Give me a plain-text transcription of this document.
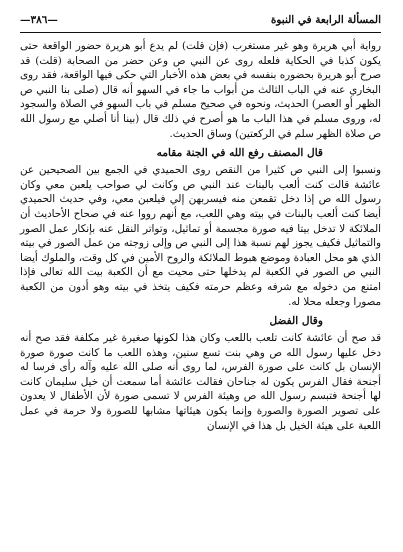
المسألة الرابعة في النبوة
—٣٨٦—

رواية أبي هريرة وهو غير مستغرب (فإن قلت) لم يدع أبو هريرة حضور الواقعة حتى يكون كذبا في الحكاية فلعله روى عن النبي ص وعن حضر من الصحابة (قلت) قد صرح أبو هريرة بحضوره بنفسه في بعض هذه الأخبار التي حكى فيها الواقعة، فقد روى البخاري عنه في الباب الثالث من أبواب ما جاء في السهو أنه قال (صلى بنا النبي ص الظهر أو العصر) الحديث، ونحوه في صحيح مسلم في باب السهو في الصلاة والسجود له، وروى مسلم في هذا الباب ما هو أصرح في ذلك قال (بينا أنا أصلي مع رسول الله ص صلاة الظهر سلم في الركعتين) وساق الحديث.

قال المصنف رفع الله في الجنة مقامه

ونسبوا إلى النبي ص كثيرا من النقص روى الحميدي في الجمع بين الصحيحين عن عائشة قالت كنت ألعب بالبنات عند النبي ص وكانت لي صواحب يلعبن معي وكان رسول الله ص إذا دخل تقمعن منه فيسربهن إلي فيلعبن معي، وفي حديث الحميدي أيضا كنت ألعب بالبنات في بيته وهي اللعب، مع أنهم رووا عنه في صحاح الأحاديث أن الملائكة لا تدخل بيتا فيه صورة مجسمة أو تماثيل، وتواتر النقل عنه بإنكار عمل الصور والتماثيل فكيف يجوز لهم نسبة هذا إلى النبي ص وإلى زوجته من عمل الصور في بيته الذي هو محل العبادة وموضع هبوط الملائكة والروح الأمين في كل وقت، والملوك أيضا النبي ص الصور في الكعبة لم يدخلها حتى محيت مع أن الكعبة بيت الله تعالى فإذا امتنع من دخوله مع شرفه وعظم حرمته فكيف يتخذ في بيته وهو أدون من الكعبة مصورا وجعله محلا له.

وقال الفضل

قد صح أن عائشة كانت تلعب باللعب وكان هذا لكونها صغيرة غير مكلفة فقد صح أنه دخل عليها رسول الله ص وهي بنت تسع سنين، وهذه اللعب ما كانت صورة صورة الإنسان بل كانت على صورة الفرس، لما روى أنه صلى الله عليه وآله رأى فرسا له أجنحة فقال الفرس يكون له جناحان فقالت عائشة أما سمعت أن خيل سليمان كانت لها أجنحة فتبسم رسول الله ص وهيئة الفرس لا تسمى صورة لأن الأطفال لا يعدون على تصوير الصورة والصورة وإنما يكون هيئاتها مشابها للصورة ولا حرمة في عمل اللعبة على هيئة الخيل بل هذا في الإنسان
